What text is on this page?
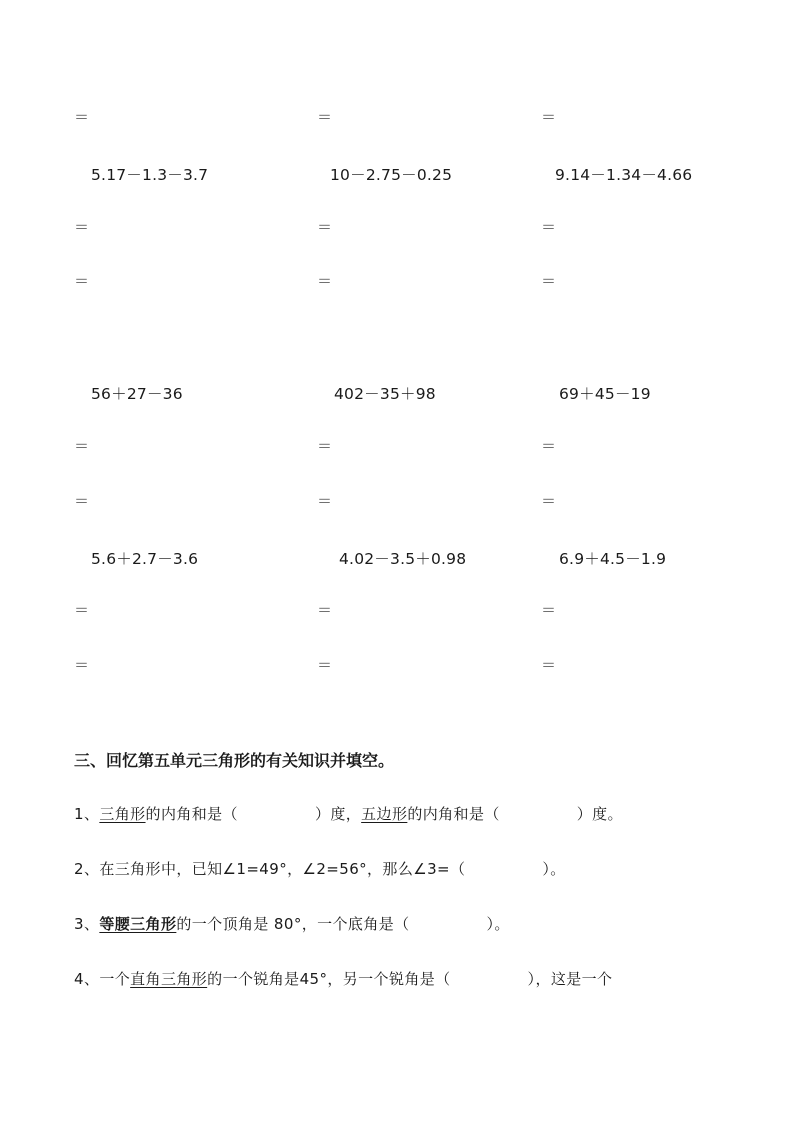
＝	＝	＝
5.17－1.3－3.7	10－2.75－0.25	9.14－1.34－4.66
＝	＝	＝
＝	＝	＝
56＋27－36	402－35＋98	69＋45－19
＝	＝	＝
＝	＝	＝
5.6＋2.7－3.6	4.02－3.5＋0.98	6.9＋4.5－1.9
＝	＝	＝
＝	＝	＝
三、回忆第五单元三角形的有关知识并填空。
1、三角形的内角和是（　　　　　）度，五边形的内角和是（　　　　　）度。
2、在三角形中，已知∠1=49°，∠2=56°，那么∠3=（　　　　　）。
3、等腰三角形的一个顶角是 80°，一个底角是（　　　　　）。
4、一个直角三角形的一个锐角是45°，另一个锐角是（　　　　　），这是一个
